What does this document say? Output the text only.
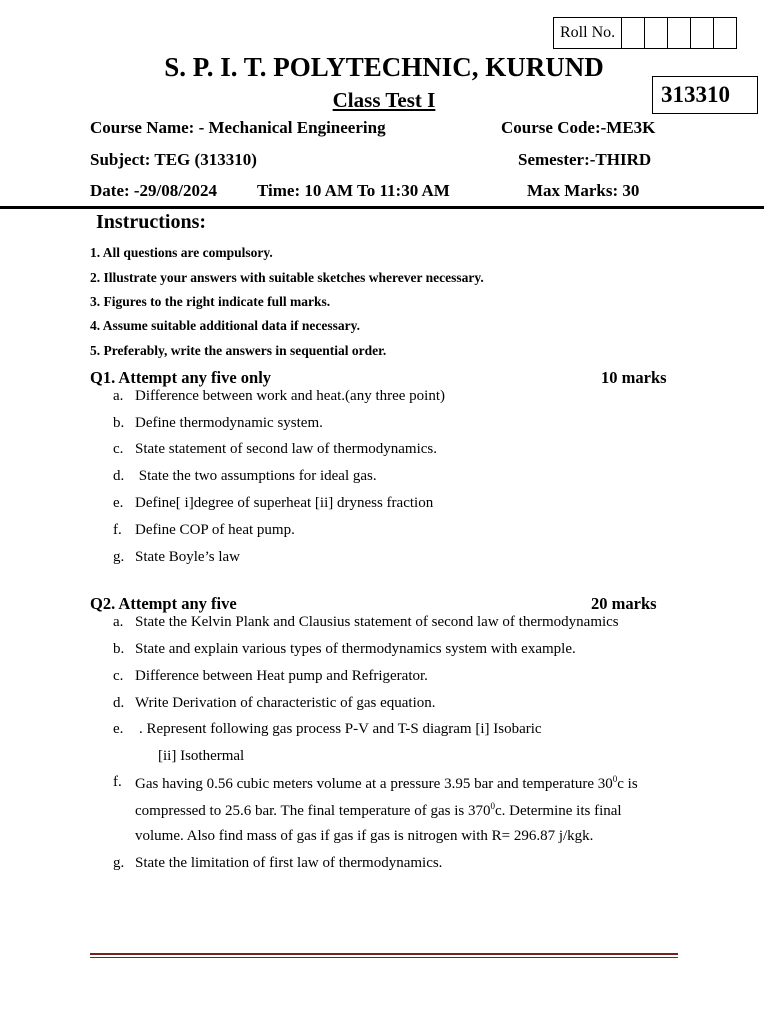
Roll No.
S. P. I. T. POLYTECHNIC, KURUND
Class Test I	313310
Course Name: - Mechanical Engineering	Course Code:-ME3K
Subject: TEG (313310)	Semester:-THIRD
Date: -29/08/2024 Time: 10 AM To 11:30 AM	Max Marks: 30
Instructions:
1. All questions are compulsory.
2. Illustrate your answers with suitable sketches wherever necessary.
3. Figures to the right indicate full marks.
4. Assume suitable additional data if necessary.
5. Preferably, write the answers in sequential order.
Q1. Attempt any five only	10 marks
a. Difference between work and heat.(any three point)
b. Define thermodynamic system.
c. State statement of second law of thermodynamics.
d. State the two assumptions for ideal gas.
e. Define[ i]degree of superheat [ii] dryness fraction
f. Define COP of heat pump.
g. State Boyle’s law
Q2. Attempt any five	20 marks
a. State the Kelvin Plank and Clausius statement of second law of thermodynamics
b. State and explain various types of thermodynamics system with example.
c. Difference between Heat pump and Refrigerator.
d. Write Derivation of characteristic of gas equation.
e. . Represent following gas process P-V and T-S diagram [i] Isobaric
[ii] Isothermal
f. Gas having 0.56 cubic meters volume at a pressure 3.95 bar and temperature $30^0c$ is
compressed to 25.6 bar. The final temperature of gas is $370^0c$. Determine its final
volume. Also find mass of gas if gas if gas is nitrogen with R= 296.87 j/kgk.
g. State the limitation of first law of thermodynamics.
